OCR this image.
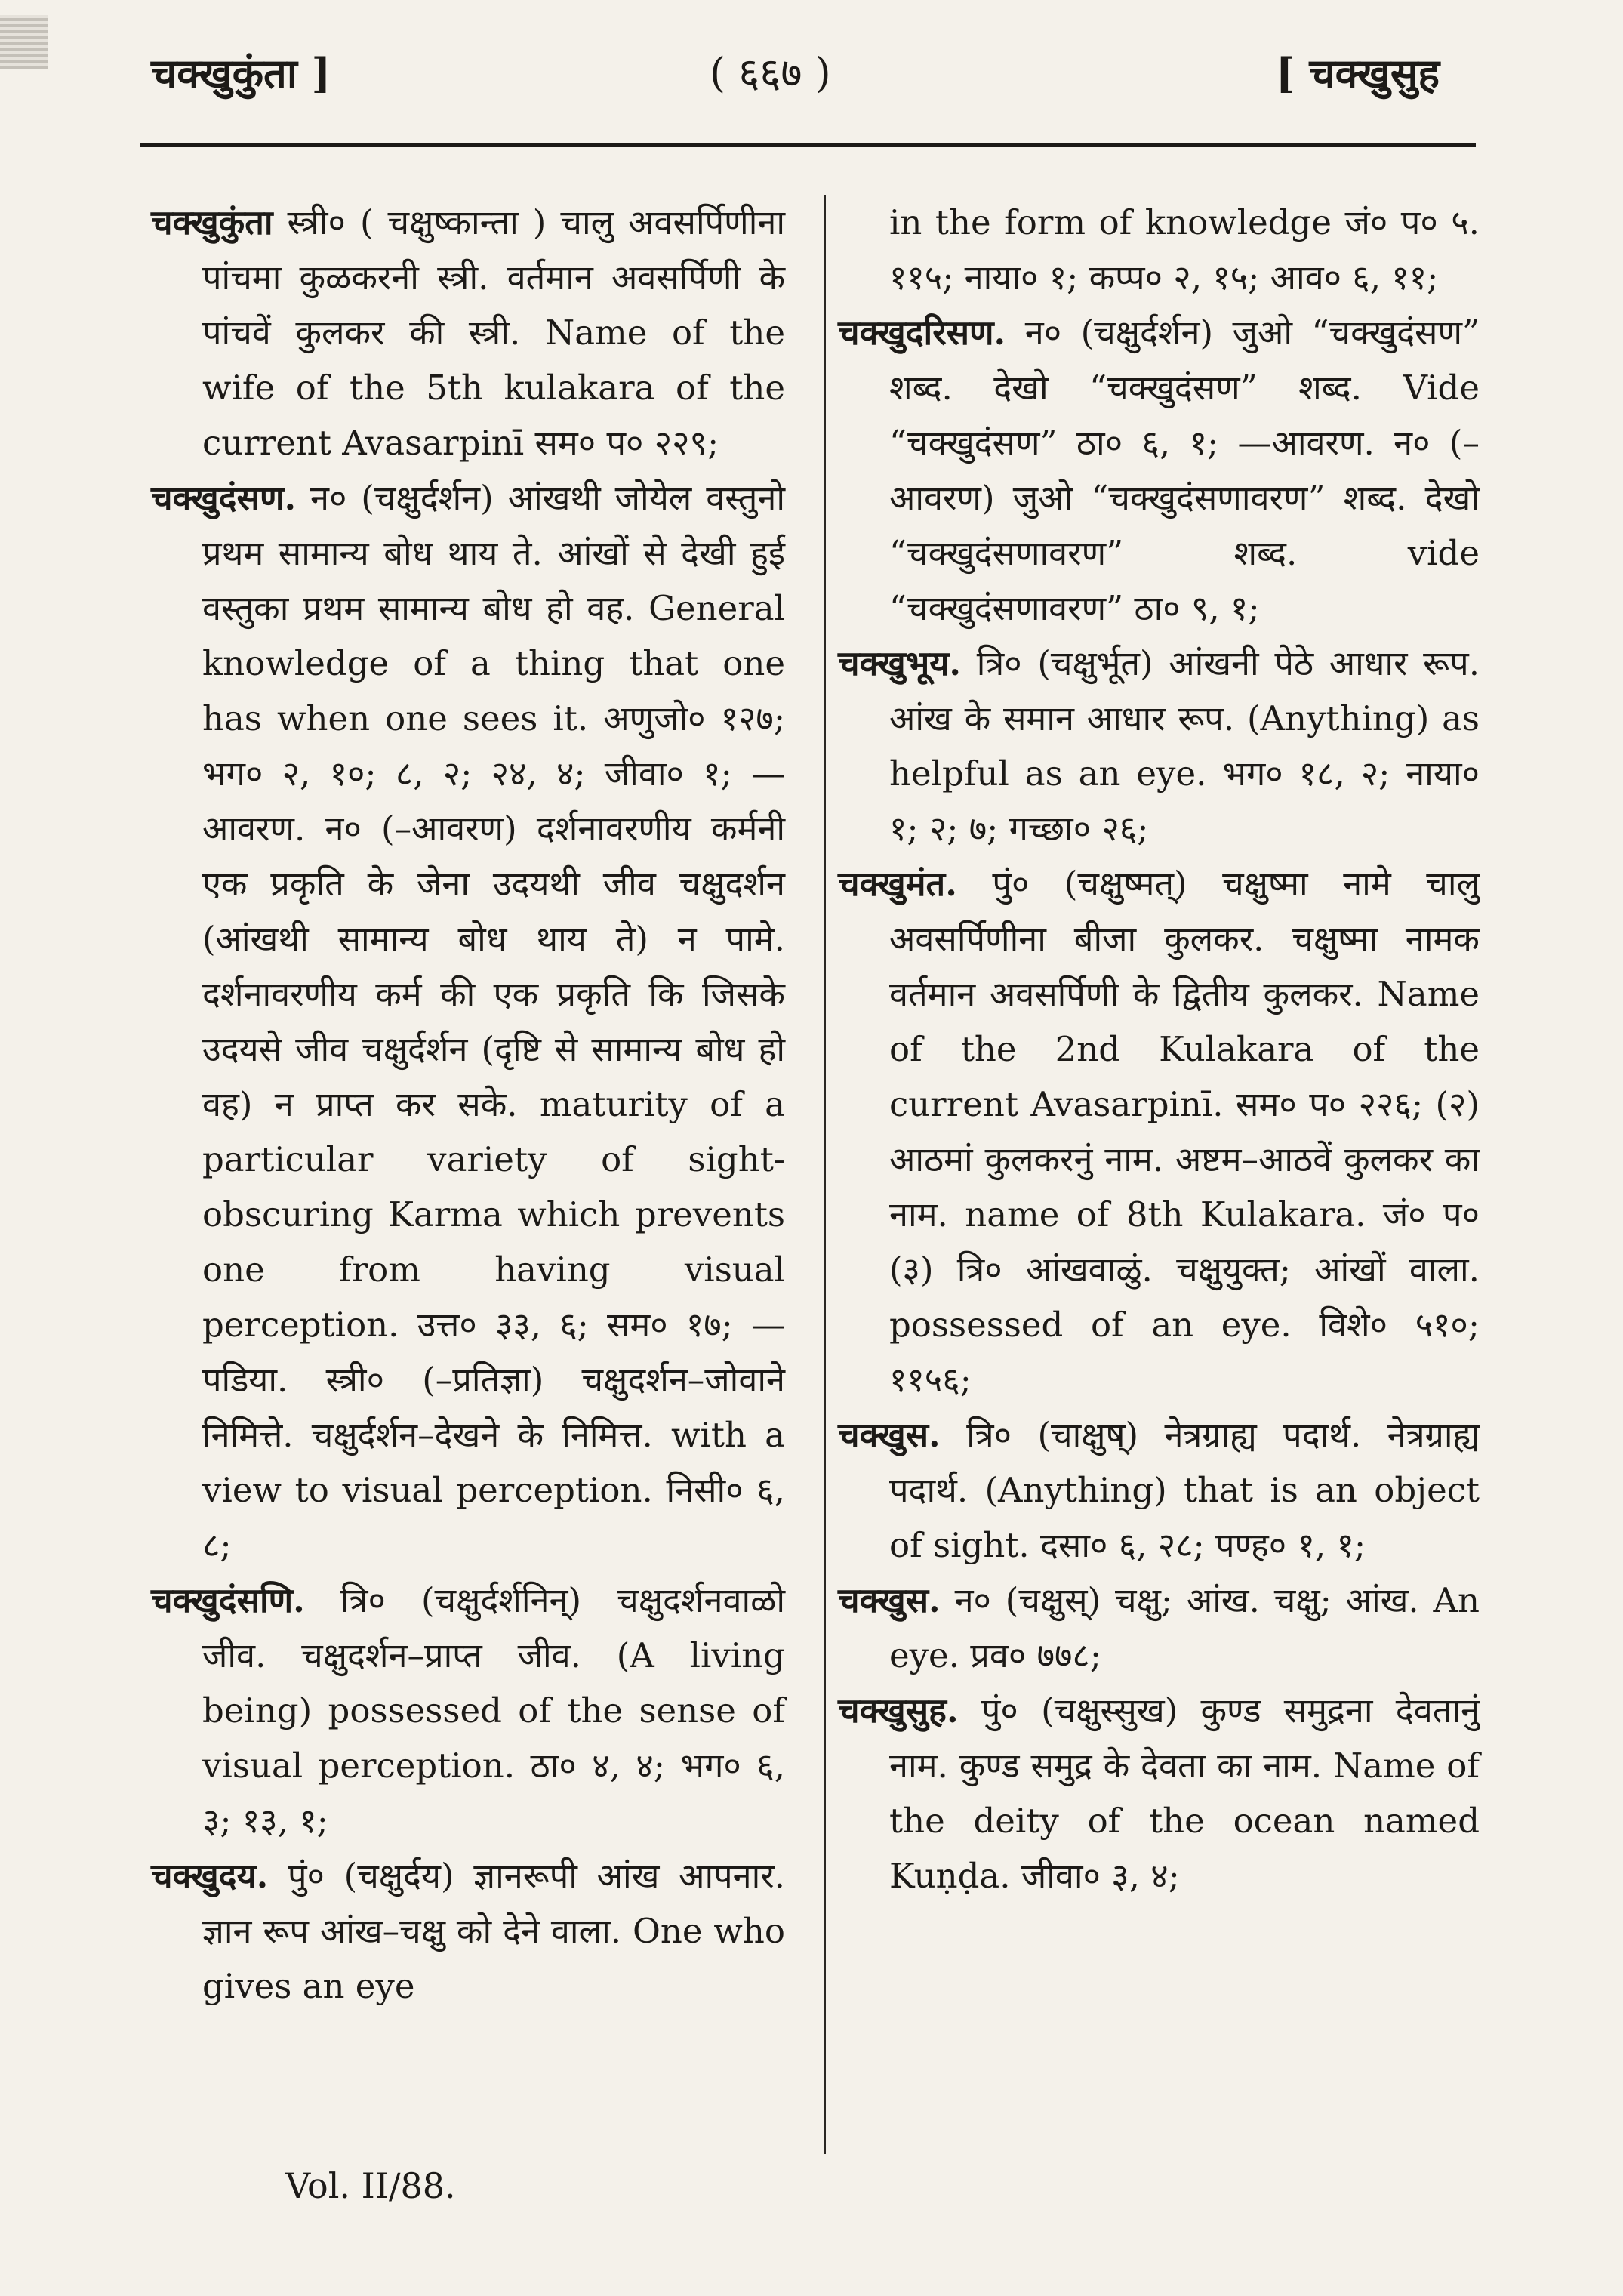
चक्खुकुंता ]	( ६६७ )	[ चक्खुसुह

चक्खुकुंता स्त्री० ( चक्षुष्कान्ता ) चालु अवसर्पिणीना पांचमा कुळकरनी स्त्री. वर्तमान अवसर्पिणी के पांचवें कुलकर की स्त्री. Name of the wife of the 5th kulakara of the current Avasarpinī सम० प० २२९;

चक्खुदंसण. न० (चक्षुर्दर्शन) आंखथी जोयेल वस्तुनो प्रथम सामान्य बोध थाय ते. आंखों से देखी हुई वस्तुका प्रथम सामान्य बोध हो वह. General knowledge of a thing that one has when one sees it. अणुजो० १२७; भग० २, १०; ८, २; २४, ४; जीवा० १; —आवरण. न० (–आवरण) दर्शनावरणीय कर्मनी एक प्रकृति के जेना उदयथी जीव चक्षुदर्शन (आंखथी सामान्य बोध थाय ते) न पामे. दर्शनावरणीय कर्म की एक प्रकृति कि जिसके उदयसे जीव चक्षुर्दर्शन (दृष्टि से सामान्य बोध हो वह) न प्राप्त कर सके. maturity of a particular variety of sight-obscuring Karma which prevents one from having visual perception. उत्त० ३३, ६; सम० १७; —पडिया. स्त्री० (–प्रतिज्ञा) चक्षुदर्शन–जोवाने निमित्ते. चक्षुर्दर्शन–देखने के निमित्त. with a view to visual perception. निसी० ६, ८;

चक्खुदंसणि. त्रि० (चक्षुर्दर्शनिन्) चक्षुदर्शनवाळो जीव. चक्षुदर्शन–प्राप्त जीव. (A living being) possessed of the sense of visual perception. ठा० ४, ४; भग० ६, ३; १३, १;

चक्खुदय. पुं० (चक्षुर्दय) ज्ञानरूपी आंख आपनार. ज्ञान रूप आंख–चक्षु को देने वाला. One who gives an eye

in the form of knowledge जं० प० ५. ११५; नाया० १; कप्प० २, १५; आव० ६, ११;

चक्खुदरिसण. न० (चक्षुर्दर्शन) जुओ “चक्खुदंसण” शब्द. देखो “चक्खुदंसण” शब्द. Vide “चक्खुदंसण” ठा० ६, १; —आवरण. न० (–आवरण) जुओ “चक्खुदंसणावरण” शब्द. देखो “चक्खुदंसणावरण” शब्द. vide “चक्खुदंसणावरण” ठा० ९, १;

चक्खुभूय. त्रि० (चक्षुर्भूत) आंखनी पेठे आधार रूप. आंख के समान आधार रूप. (Anything) as helpful as an eye. भग० १८, २; नाया० १; २; ७; गच्छा० २६;

चक्खुमंत. पुं० (चक्षुष्मत्) चक्षुष्मा नामे चालु अवसर्पिणीना बीजा कुलकर. चक्षुष्मा नामक वर्तमान अवसर्पिणी के द्वितीय कुलकर. Name of the 2nd Kulakara of the current Avasarpinī. सम० प० २२६; (२) आठमां कुलकरनुं नाम. अष्टम–आठवें कुलकर का नाम. name of 8th Kulakara. जं० प० (३) त्रि० आंखवाळुं. चक्षुयुक्त; आंखों वाला. possessed of an eye. विशे० ५१०; ११५६;

चक्खुस. त्रि० (चाक्षुष्) नेत्रग्राह्य पदार्थ. नेत्रग्राह्य पदार्थ. (Anything) that is an object of sight. दसा० ६, २८; पण्ह० १, १;

चक्खुस. न० (चक्षुस्) चक्षु; आंख. चक्षु; आंख. An eye. प्रव० ७७८;

चक्खुसुह. पुं० (चक्षुस्सुख) कुण्ड समुद्रना देवतानुं नाम. कुण्ड समुद्र के देवता का नाम. Name of the deity of the ocean named Kuṇḍa. जीवा० ३, ४;

Vol. II/88.
